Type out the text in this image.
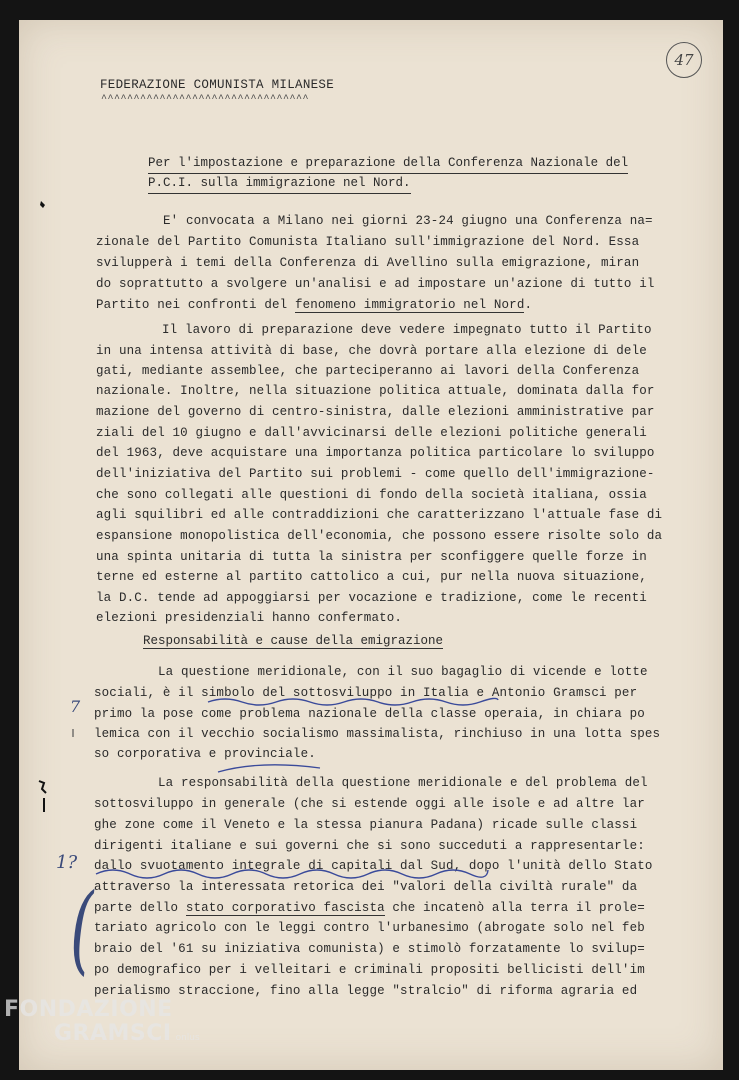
47
FEDERAZIONE COMUNISTA MILANESE
^^^^^^^^^^^^^^^^^^^^^^^^^^^^^^^^
Per l'impostazione e preparazione della Conferenza Nazionale del
P.C.I. sulla immigrazione nel Nord.
E' convocata a Milano nei giorni 23-24 giugno una Conferenza na=
zionale del Partito Comunista Italiano sull'immigrazione del Nord. Essa
svilupperà i temi della Conferenza di Avellino sulla emigrazione, miran
do soprattutto a svolgere un'analisi e ad impostare un'azione di tutto il
Partito nei confronti del fenomeno immigratorio nel Nord.
Il lavoro di preparazione deve vedere impegnato tutto il Partito
in una intensa attività di base, che dovrà portare alla elezione di dele
gati, mediante assemblee, che parteciperanno ai lavori della Conferenza
nazionale. Inoltre, nella situazione politica attuale, dominata dalla for
mazione del governo di centro-sinistra, dalle elezioni amministrative par
ziali del 10 giugno e dall'avvicinarsi delle elezioni politiche generali
del 1963, deve acquistare una importanza politica particolare lo sviluppo
dell'iniziativa del Partito sui problemi - come quello dell'immigrazione-
che sono collegati alle questioni di fondo della società italiana, ossia
agli squilibri ed alle contraddizioni che caratterizzano l'attuale fase di
espansione monopolistica dell'economia, che possono essere risolte solo da
una spinta unitaria di tutta la sinistra per sconfiggere quelle forze in
terne ed esterne al partito cattolico a cui, pur nella nuova situazione,
la D.C. tende ad appoggiarsi per vocazione e tradizione, come le recenti
elezioni presidenziali hanno confermato.
Responsabilità e cause della emigrazione
La questione meridionale, con il suo bagaglio di vicende e lotte
sociali, è il simbolo del sottosviluppo in Italia e Antonio Gramsci per
primo la pose come problema nazionale della classe operaia, in chiara po
lemica con il vecchio socialismo massimalista, rinchiuso in una lotta spes
so corporativa e provinciale.
La responsabilità della questione meridionale e del problema del
sottosviluppo in generale (che si estende oggi alle isole e ad altre lar
ghe zone come il Veneto e la stessa pianura Padana) ricade sulle classi
dirigenti italiane e sui governi che si sono succeduti a rappresentarle:
dallo svuotamento integrale di capitali dal Sud, dopo l'unità dello Stato
attraverso la interessata retorica dei "valori della civiltà rurale" da
parte dello stato corporativo fascista che incatenò alla terra il prole=
tariato agricolo con le leggi contro l'urbanesimo (abrogate solo nel feb
braio del '61 su iniziativa comunista) e stimolò forzatamente lo svilup=
po demografico per i velleitari e criminali propositi bellicisti dell'im
perialismo straccione, fino alla legge "stralcio" di riforma agraria ed
1?
7
(
FONDAZIONE
GRAMSCI onlus
